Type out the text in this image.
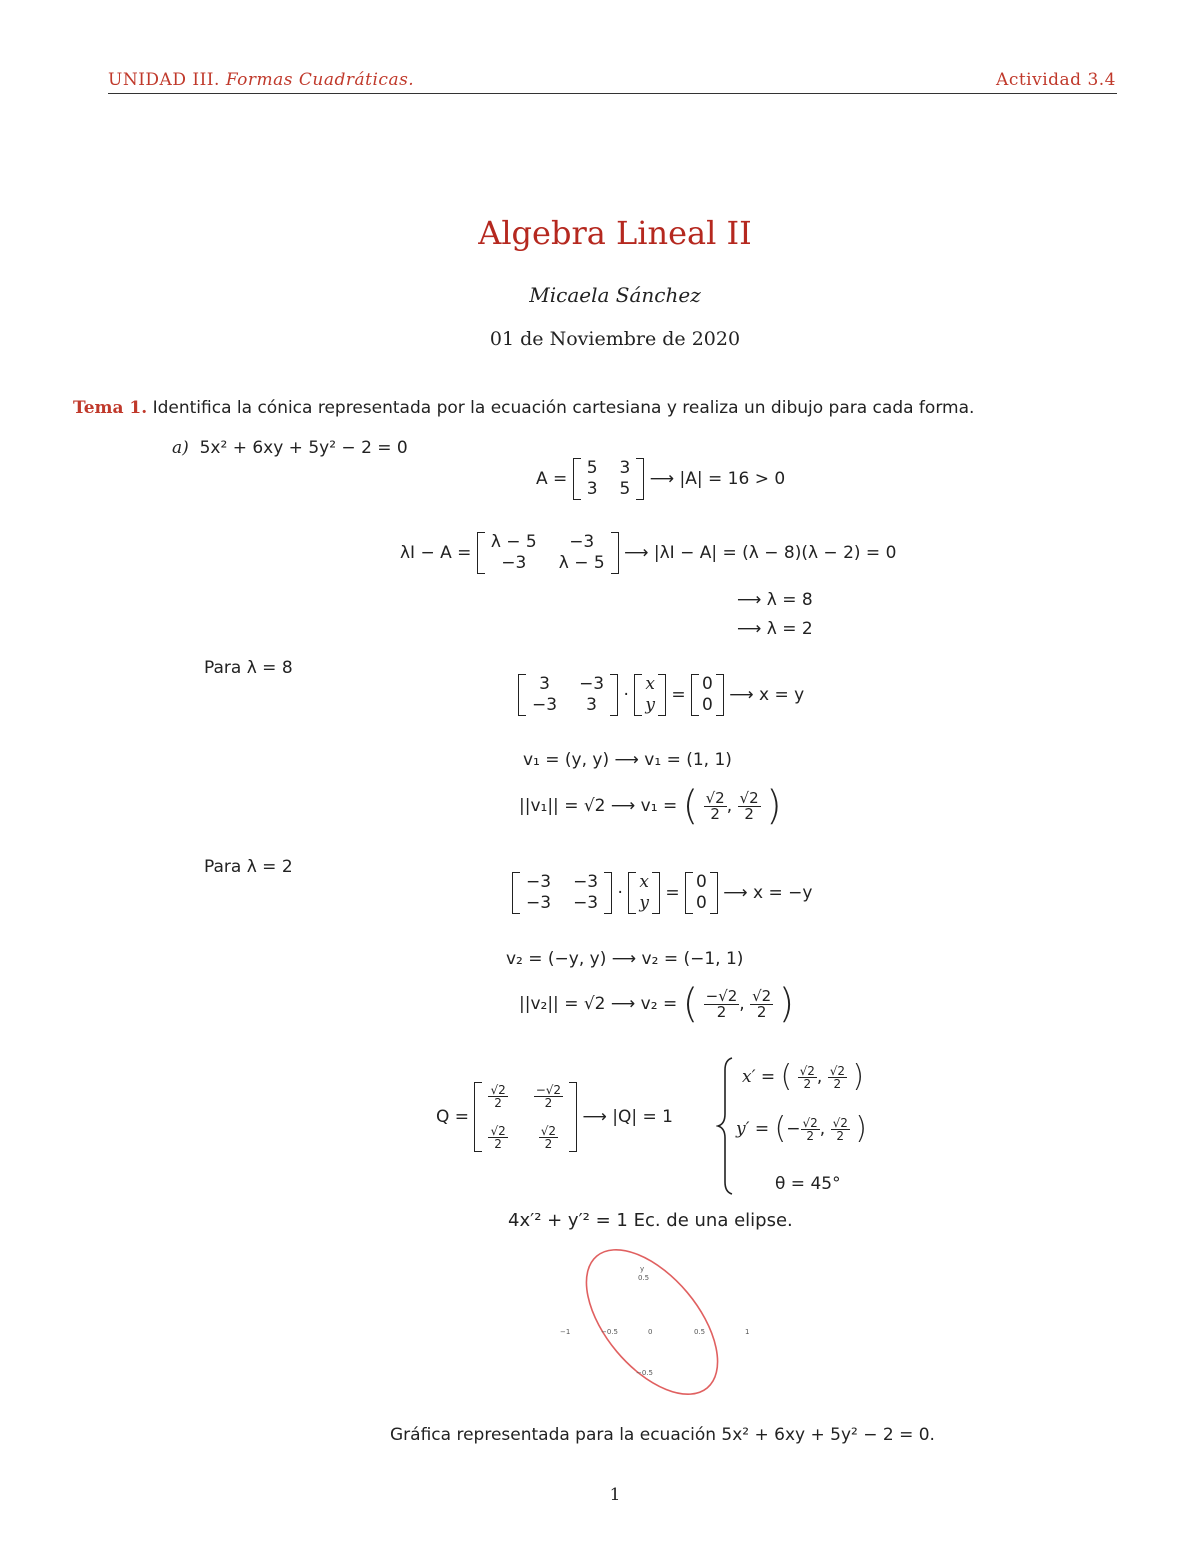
UNIDAD III. Formas Cuadráticas.	Actividad 3.4
Algebra Lineal II
Micaela Sánchez
01 de Noviembre de 2020
Tema 1. Identifica la cónica representada por la ecuación cartesiana y realiza un dibujo para cada forma.
a) 5x² + 6xy + 5y² − 2 = 0
A =
5 3
3 5 ⟶ |A| = 16 > 0
λI − A =
λ − 5	−3
−3	λ − 5 ⟶ |λI − A| = (λ − 8)(λ − 2) = 0
⟶ λ = 8
⟶ λ = 2
Para λ = 8
3	−3
−3	3	·
x
y =
0
0 ⟶ x = y
v₁ = (y, y) ⟶ v₁ = (1, 1)
||v₁|| = √2 ⟶ v₁ = ( $\frac{√2}{2}$ , $\frac{√2}{2}$ )
Para λ = 2
−3 −3
−3 −3 ·
x
y =
0
0 ⟶ x = −y
v₂ = (−y, y) ⟶ v₂ = (−1, 1)
||v₂|| = √2 ⟶ v₂ = ( $\frac{-√2}{2}$ , $\frac{√2}{2}$ )
Q =
$\frac{√2}{2} \frac{-√2}{2}$
$\frac{√2}{2} \frac{√2}{2}$
⟶ |Q| = 1
x′ = ( $\frac{√2}{2}$ , $\frac{√2}{2}$ )
y′ = (− $\frac{√2}{2}$ , $\frac{√2}{2}$ )
θ = 45°
4x′² + y′² = 1 Ec. de una elipse.
y
0.5
−1	−0.5	0	0.5	1
−0.5
Gráfica representada para la ecuación 5x² + 6xy + 5y² − 2 = 0.
1
